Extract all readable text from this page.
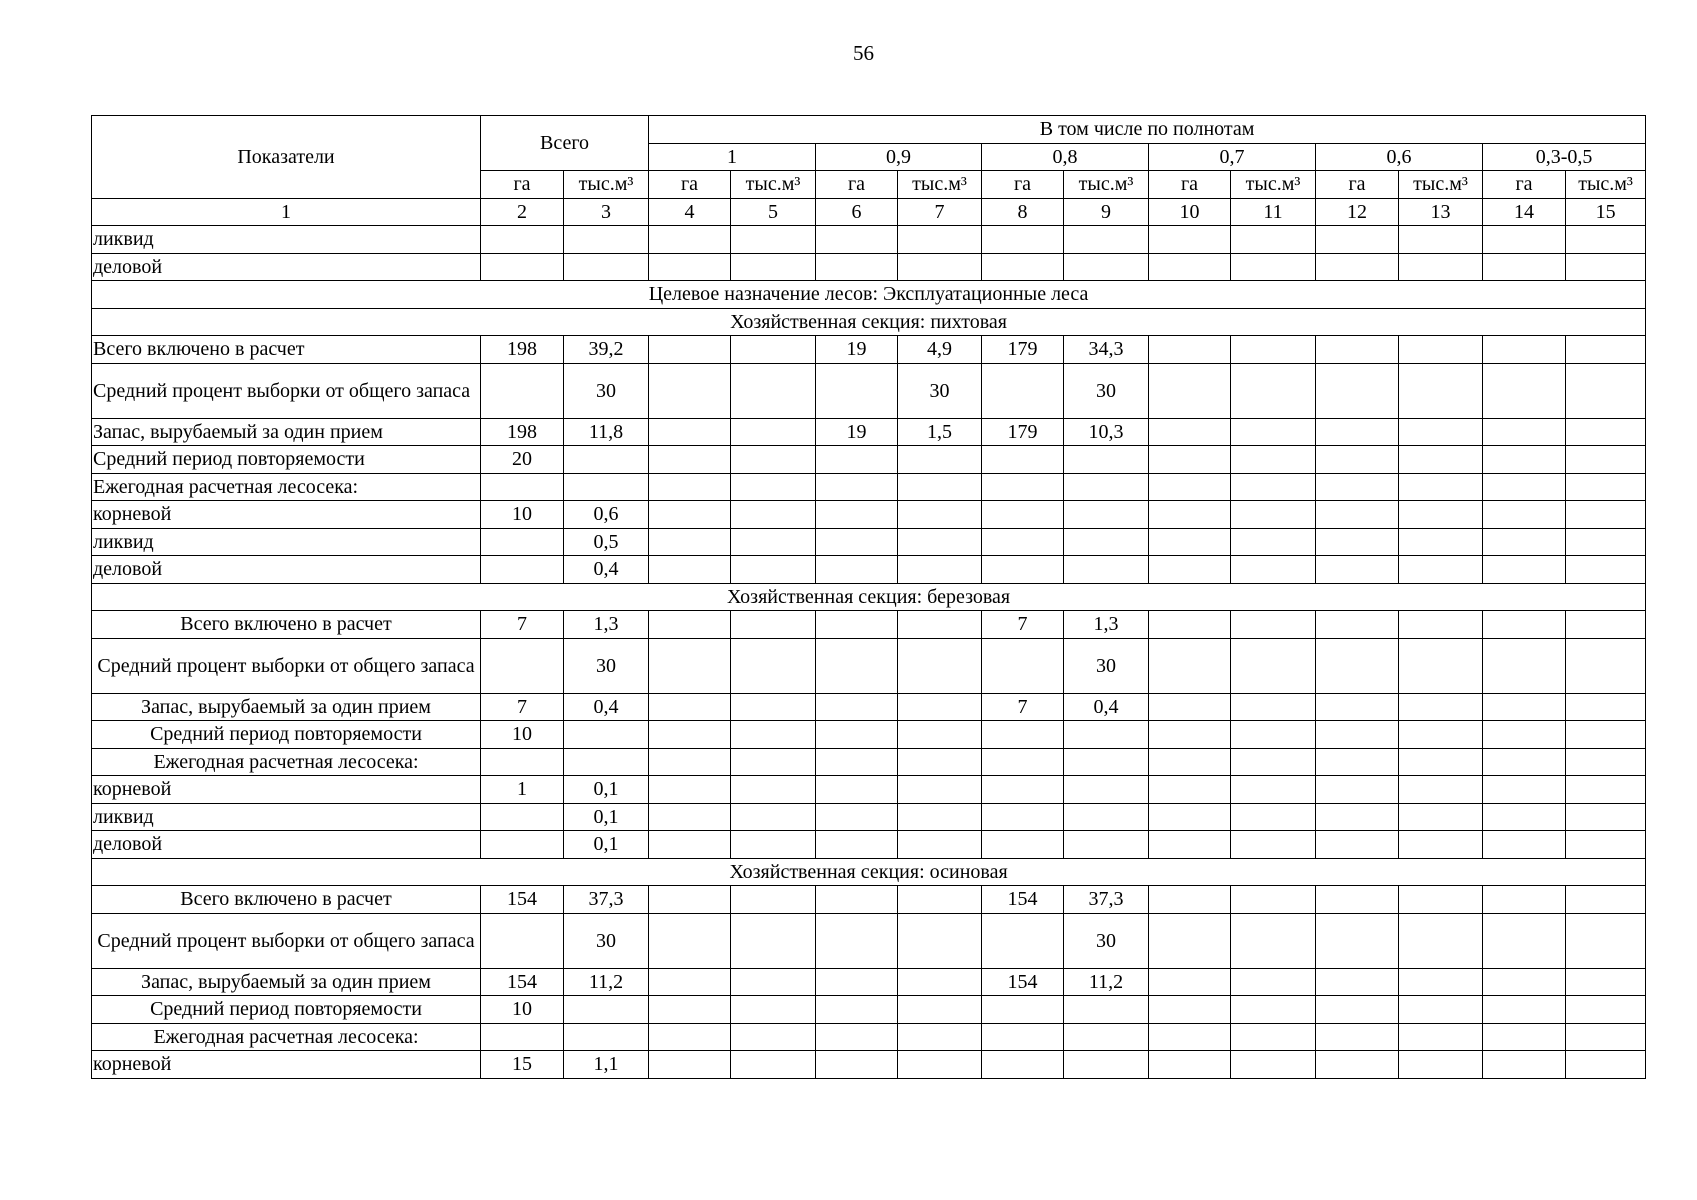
56
Показатели	Всего		В том числе по полнотам											
			1		0,9		0,8		0,7		0,6		0,3-0,5	
	га	тыс.м³	га	тыс.м³	га	тыс.м³	га	тыс.м³	га	тыс.м³	га	тыс.м³	га	тыс.м³
1	2	3	4	5	6	7	8	9	10	11	12	13	14	15
ликвид														
деловой														
Целевое назначение лесов: Эксплуатационные леса														
Хозяйственная секция: пихтовая														
Всего включено в расчет	198	39,2			19	4,9	179	34,3						
Средний процент выборки от общего запаса		30				30		30						
Запас, вырубаемый за один прием	198	11,8			19	1,5	179	10,3						
Средний период повторяемости	20													
Ежегодная расчетная лесосека:														
корневой	10	0,6												
ликвид		0,5												
деловой		0,4												
Хозяйственная секция: березовая														
Всего включено в расчет	7	1,3					7	1,3						
Средний процент выборки от общего запаса		30						30						
Запас, вырубаемый за один прием	7	0,4					7	0,4						
Средний период повторяемости	10													
Ежегодная расчетная лесосека:														
корневой	1	0,1												
ликвид		0,1												
деловой		0,1												
Хозяйственная секция: осиновая														
Всего включено в расчет	154	37,3					154	37,3						
Средний процент выборки от общего запаса		30						30						
Запас, вырубаемый за один прием	154	11,2					154	11,2						
Средний период повторяемости	10													
Ежегодная расчетная лесосека:														
корневой	15	1,1												
